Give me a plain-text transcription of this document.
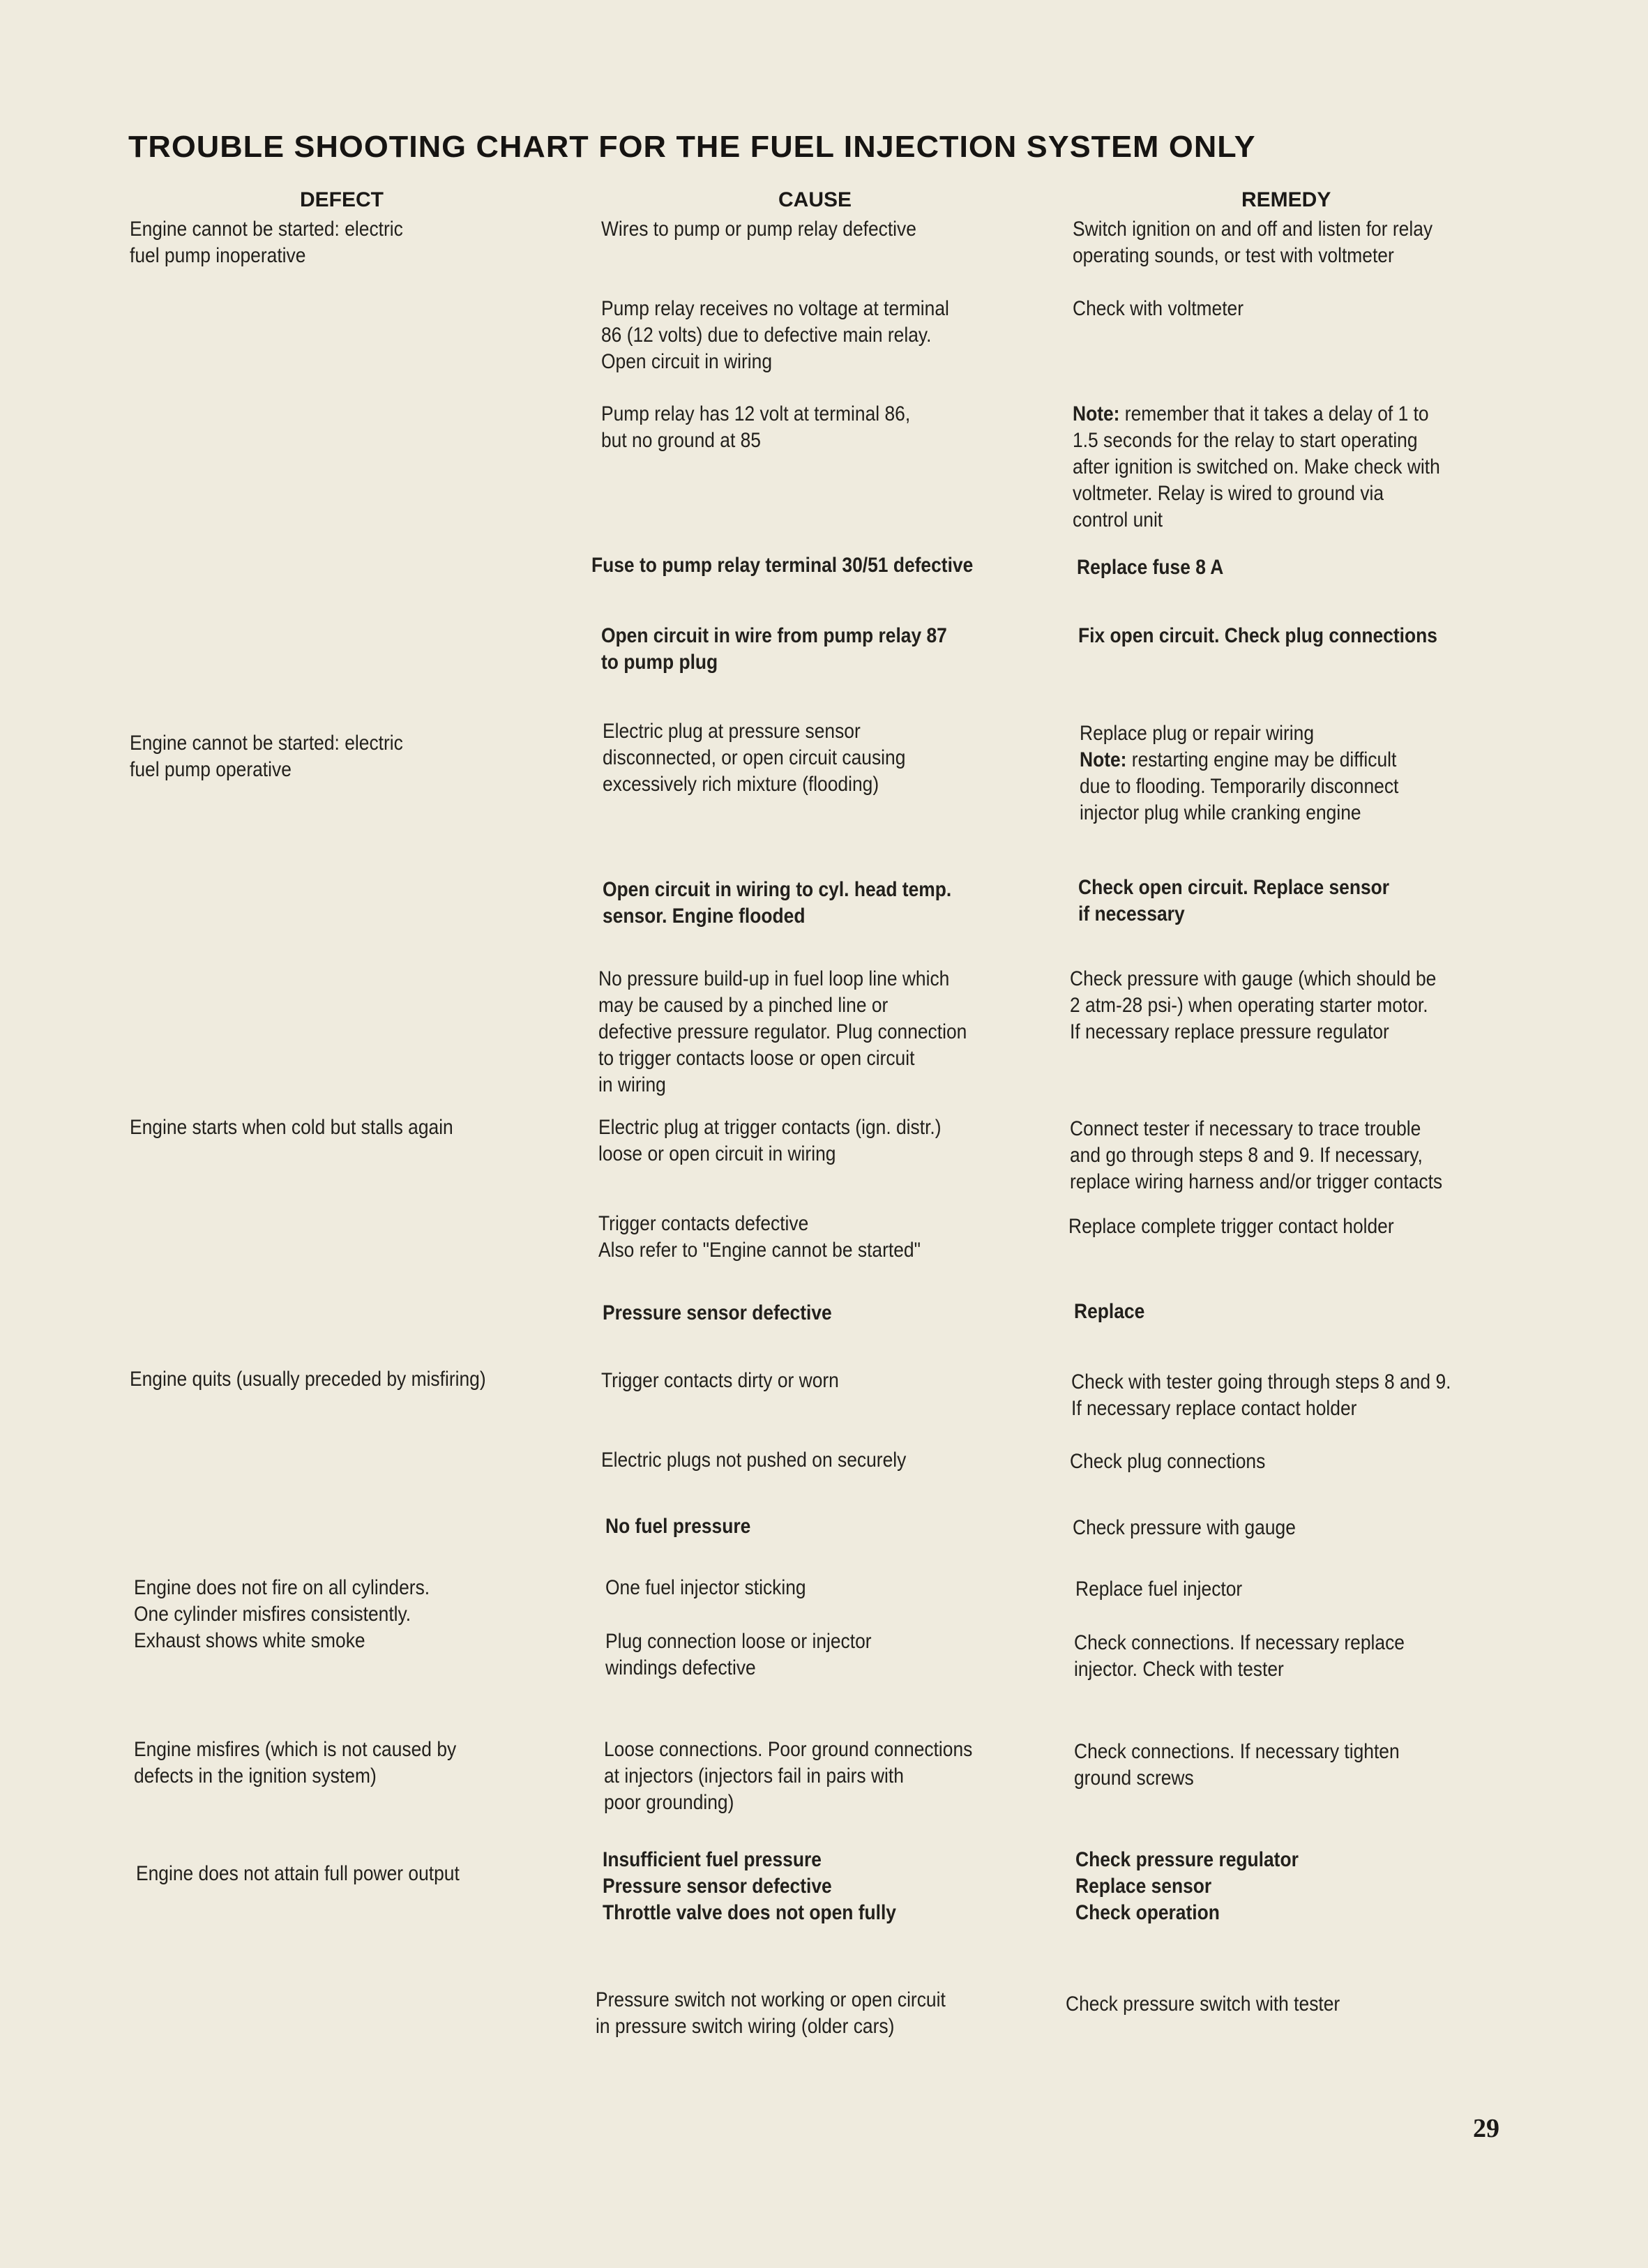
TROUBLE SHOOTING CHART FOR THE FUEL INJECTION SYSTEM ONLY
DEFECT	CAUSE	REMEDY
Engine cannot be started: electric
fuel pump inoperative
Engine cannot be started: electric
fuel pump operative
Engine starts when cold but stalls again
Engine quits (usually preceded by misfiring)
Engine does not fire on all cylinders.
One cylinder misfires consistently.
Exhaust shows white smoke
Engine misfires (which is not caused by
defects in the ignition system)
Engine does not attain full power output
Wires to pump or pump relay defective
Pump relay receives no voltage at terminal
86 (12 volts) due to defective main relay.
Open circuit in wiring
Pump relay has 12 volt at terminal 86,
but no ground at 85
Fuse to pump relay terminal 30/51 defective
Open circuit in wire from pump relay 87
to pump plug
Electric plug at pressure sensor
disconnected, or open circuit causing
excessively rich mixture (flooding)
Open circuit in wiring to cyl. head temp.
sensor. Engine flooded
No pressure build-up in fuel loop line which
may be caused by a pinched line or
defective pressure regulator. Plug connection
to trigger contacts loose or open circuit
in wiring
Electric plug at trigger contacts (ign. distr.)
loose or open circuit in wiring
Trigger contacts defective
Also refer to "Engine cannot be started"
Pressure sensor defective
Trigger contacts dirty or worn
Electric plugs not pushed on securely
No fuel pressure
One fuel injector sticking
Plug connection loose or injector
windings defective
Loose connections. Poor ground connections
at injectors (injectors fail in pairs with
poor grounding)
Insufficient fuel pressure
Pressure sensor defective
Throttle valve does not open fully
Pressure switch not working or open circuit
in pressure switch wiring (older cars)
Switch ignition on and off and listen for relay
operating sounds, or test with voltmeter
Check with voltmeter
Note: remember that it takes a delay of 1 to
1.5 seconds for the relay to start operating
after ignition is switched on. Make check with
voltmeter. Relay is wired to ground via
control unit
Replace fuse 8 A
Fix open circuit. Check plug connections
Replace plug or repair wiring
Note: restarting engine may be difficult
due to flooding. Temporarily disconnect
injector plug while cranking engine
Check open circuit. Replace sensor
if necessary
Check pressure with gauge (which should be
2 atm-28 psi-) when operating starter motor.
If necessary replace pressure regulator
Connect tester if necessary to trace trouble
and go through steps 8 and 9. If necessary,
replace wiring harness and/or trigger contacts
Replace complete trigger contact holder
Replace
Check with tester going through steps 8 and 9.
If necessary replace contact holder
Check plug connections
Check pressure with gauge
Replace fuel injector
Check connections. If necessary replace
injector. Check with tester
Check connections. If necessary tighten
ground screws
Check pressure regulator
Replace sensor
Check operation
Check pressure switch with tester
29
